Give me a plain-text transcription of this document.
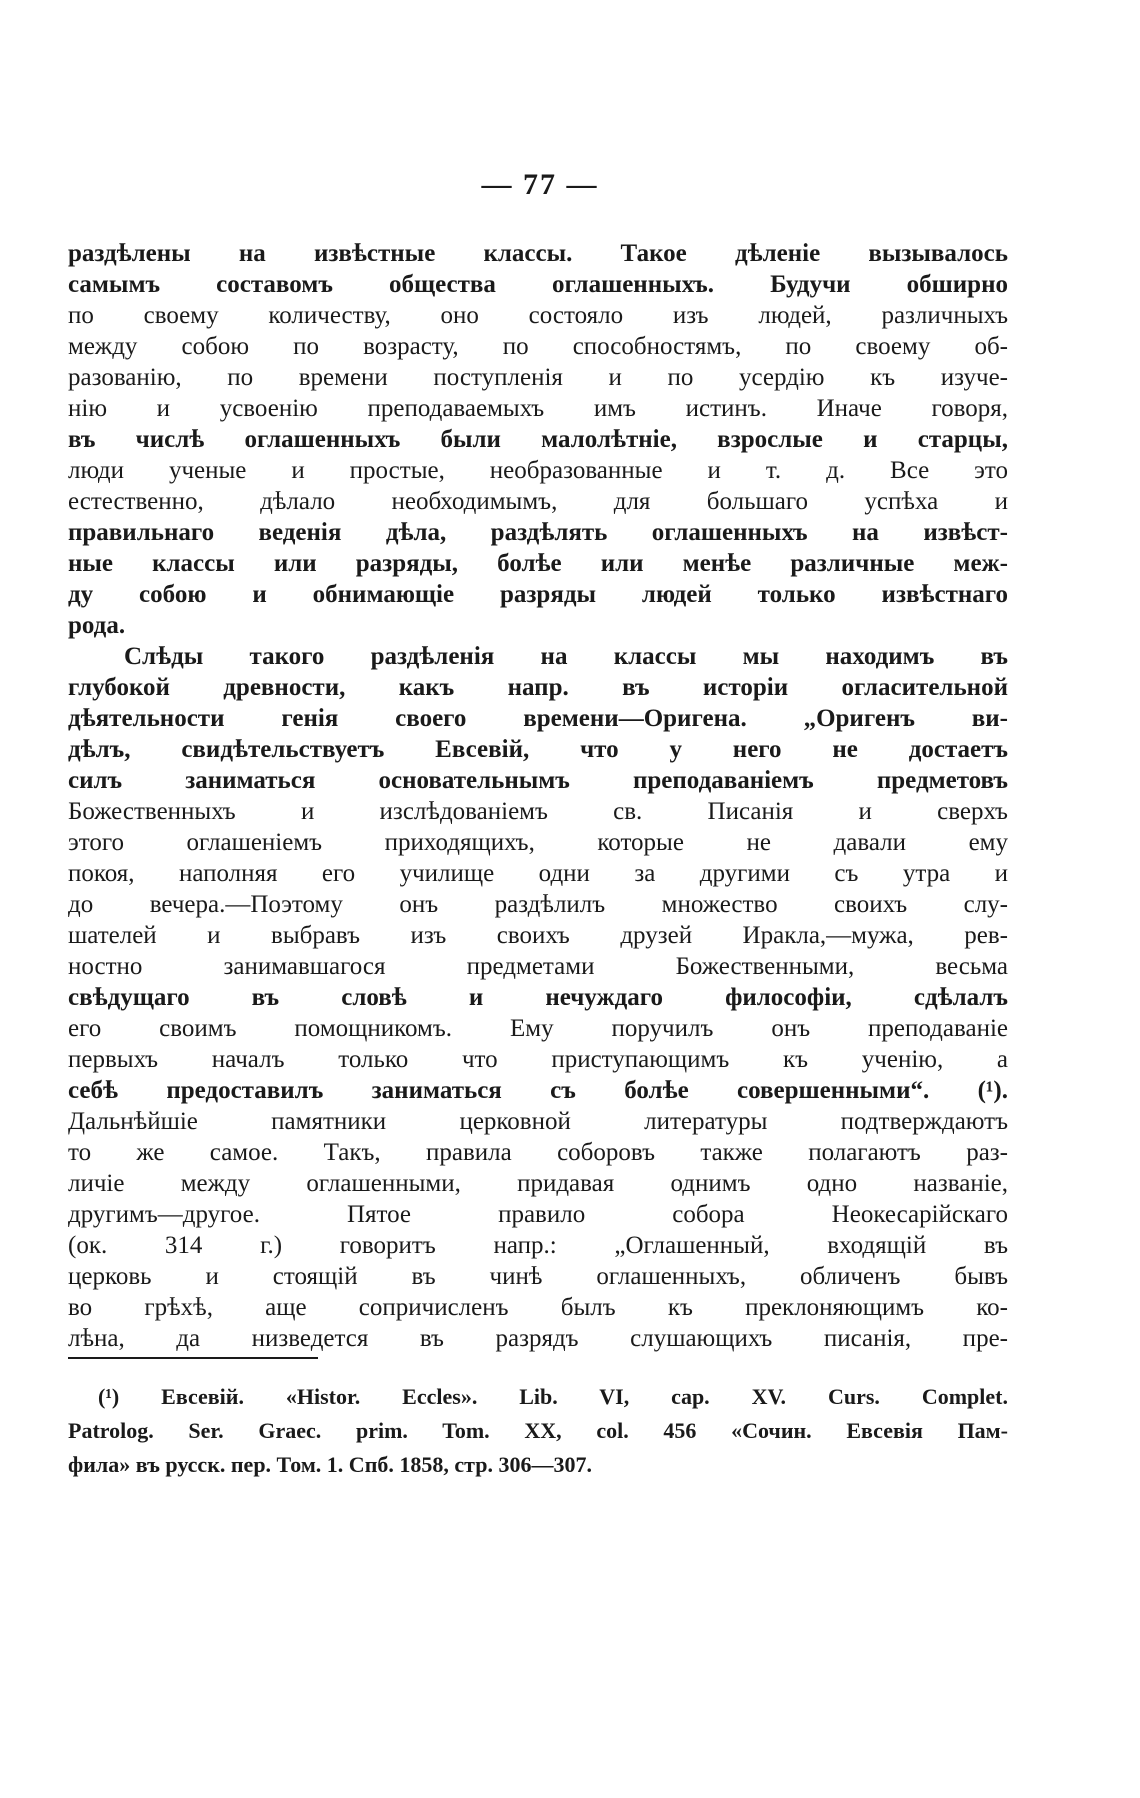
— 77 —
раздѣлены на извѣстные классы. Такое дѣленіе вызывалось
самымъ составомъ общества оглашенныхъ. Будучи обширно
по своему количеству, оно состояло изъ людей, различныхъ
между собою по возрасту, по способностямъ, по своему об-
разованію, по времени поступленія и по усердію къ изуче-
нію и усвоенію преподаваемыхъ имъ истинъ. Иначе говоря,
въ числѣ оглашенныхъ были малолѣтніе, взрослые и старцы,
люди ученые и простые, необразованные и т. д. Все это
естественно, дѣлало необходимымъ, для большаго успѣха и
правильнаго веденія дѣла, раздѣлять оглашенныхъ на извѣст-
ные классы или разряды, болѣе или менѣе различные меж-
ду собою и обнимающіе разряды людей только извѣстнаго
рода.
Слѣды такого раздѣленія на классы мы находимъ въ
глубокой древности, какъ напр. въ исторіи огласительной
дѣятельности генія своего времени—Оригена. „Оригенъ ви-
дѣлъ, свидѣтельствуетъ Евсевій, что у него не достаетъ
силъ заниматься основательнымъ преподаваніемъ предметовъ
Божественныхъ и изслѣдованіемъ св. Писанія и сверхъ
этого оглашеніемъ приходящихъ, которые не давали ему
покоя, наполняя его училище одни за другими съ утра и
до вечера.—Поэтому онъ раздѣлилъ множество своихъ слу-
шателей и выбравъ изъ своихъ друзей Иракла,—мужа, рев-
ностно занимавшагося предметами Божественными, весьма
свѣдущаго въ словѣ и нечуждаго философіи, сдѣлалъ
его своимъ помощникомъ. Ему поручилъ онъ преподаваніе
первыхъ началъ только что приступающимъ къ ученію, а
себѣ предоставилъ заниматься съ болѣе совершенными“. (¹).
Дальнѣйшіе памятники церковной литературы подтверждаютъ
то же самое. Такъ, правила соборовъ также полагаютъ раз-
личіе между оглашенными, придавая однимъ одно названіе,
другимъ—другое. Пятое правило собора Неокесарійскаго
(ок. 314 г.) говоритъ напр.: „Оглашенный, входящій въ
церковь и стоящій въ чинѣ оглашенныхъ, обличенъ бывъ
во грѣхѣ, аще сопричисленъ былъ къ преклоняющимъ ко-
лѣна, да низведется въ разрядъ слушающихъ писанія, пре-
(¹) Евсевій. «Histor. Eccles». Lib. VI, cap. XV. Curs. Complet.
Patrolog. Ser. Graec. prim. Tom. XX, col. 456 «Сочин. Евсевія Пам-
фила» въ русск. пер. Том. 1. Спб. 1858, стр. 306—307.
